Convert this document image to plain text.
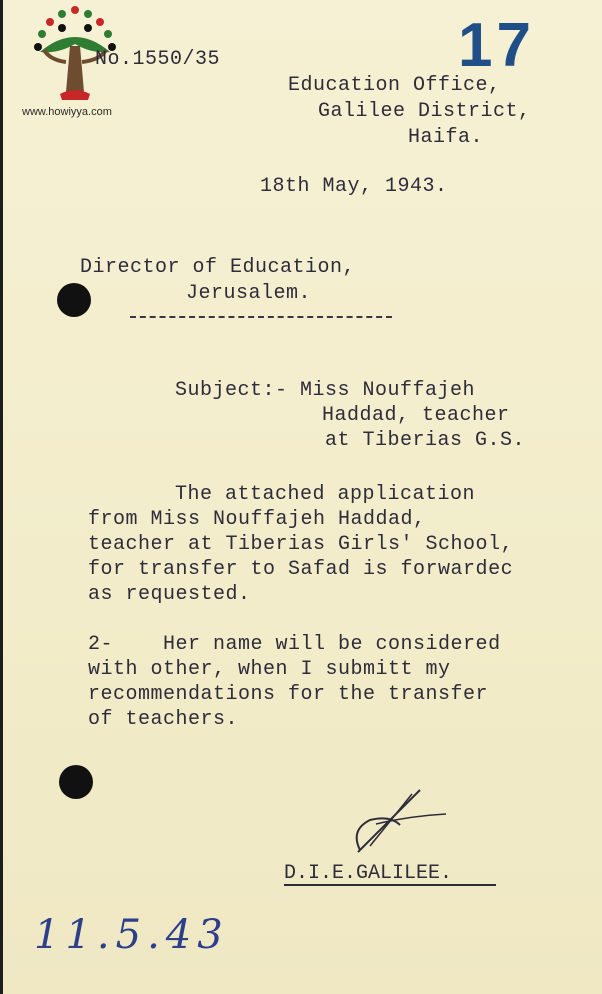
www.howiyya.com
No.1550/35	17
Education Office,
Galilee District,
Haifa.
18th May, 1943.
Director of Education,
Jerusalem.
Subject:- Miss Nouffajeh
Haddad, teacher
at Tiberias G.S.
The attached application
from Miss Nouffajeh Haddad,
teacher at Tiberias Girls' School,
for transfer to Safad is forwardec
as requested.
2-    Her name will be considered
with other, when I submitt my
recommendations for the transfer
of teachers.
D.I.E.GALILEE.
11.5.43
